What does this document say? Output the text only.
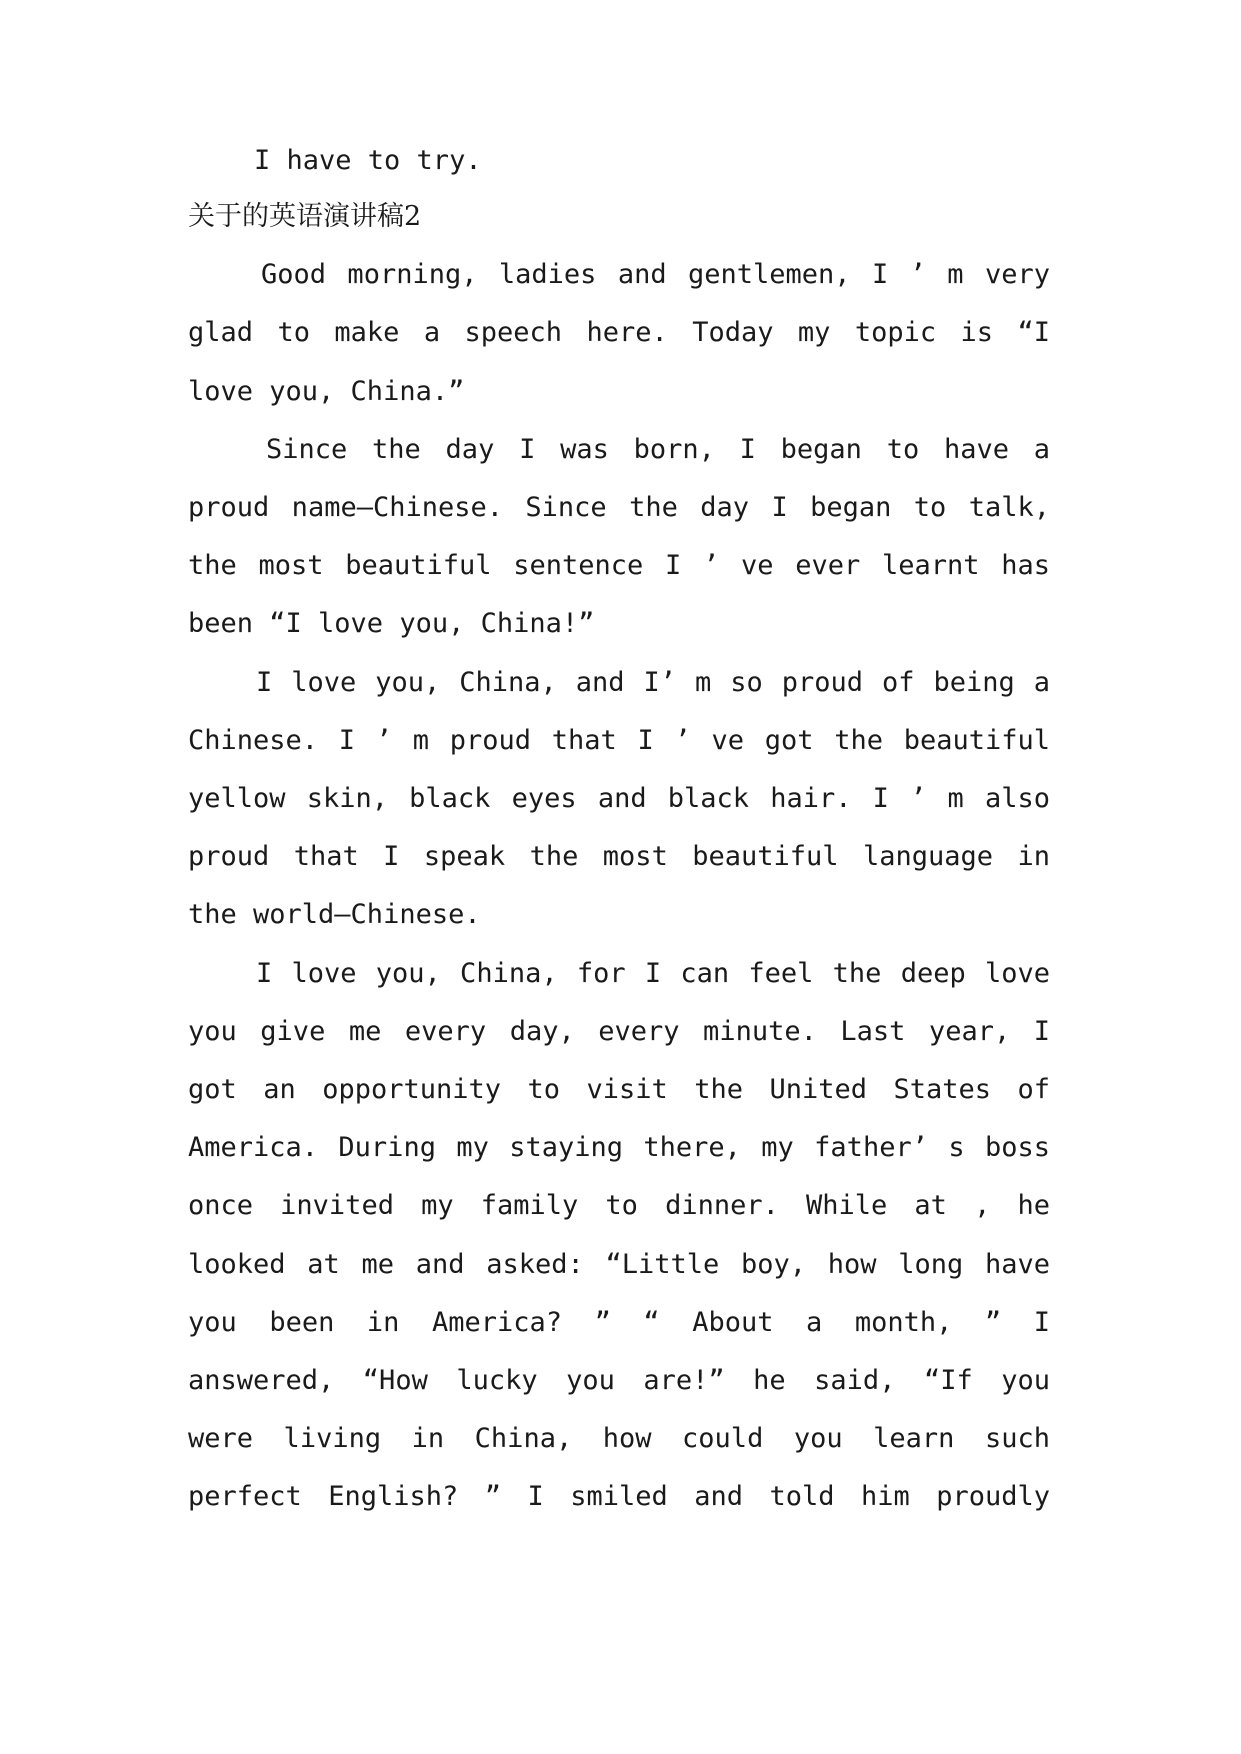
I have to try.
关于的英语演讲稿2
Good morning, ladies and gentlemen, I ’ m very
glad to make a speech here. Today my topic is “I
love you, China.”
Since the day I was born, I began to have a
proud name—Chinese. Since the day I began to talk,
the most beautiful sentence I ’ ve ever learnt has
been “I love you, China!”
I love you, China, and I’ m so proud of being a
Chinese. I ’ m proud that I ’ ve got the beautiful
yellow skin, black eyes and black hair. I ’ m also
proud that I speak the most beautiful language in
the world—Chinese.
I love you, China, for I can feel the deep love
you give me every day, every minute. Last year, I
got an opportunity to visit the United States of
America. During my staying there, my father’ s boss
once invited my family to dinner. While at , he
looked at me and asked: “Little boy, how long have
you been in America? ” “ About a month, ” I
answered, “How lucky you are!” he said, “If you
were living in China, how could you learn such
perfect English? ” I smiled and told him proudly
